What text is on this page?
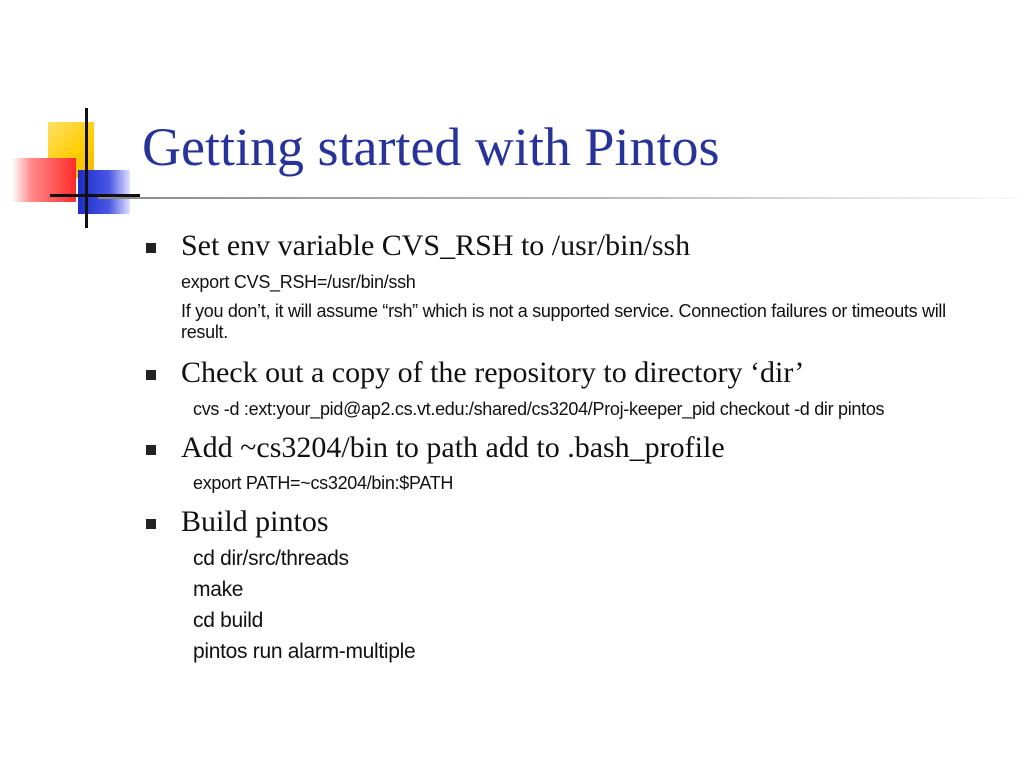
Getting started with Pintos
Set env variable CVS_RSH to /usr/bin/ssh
export CVS_RSH=/usr/bin/ssh
If you don’t, it will assume “rsh” which is not a supported service. Connection failures or timeouts will result.
Check out a copy of the repository to directory ‘dir’
cvs -d :ext:your_pid@ap2.cs.vt.edu:/shared/cs3204/Proj-keeper_pid checkout -d dir pintos
Add ~cs3204/bin to path add to .bash_profile
export PATH=~cs3204/bin:$PATH
Build pintos
cd dir/src/threads
make
cd build
pintos run alarm-multiple
